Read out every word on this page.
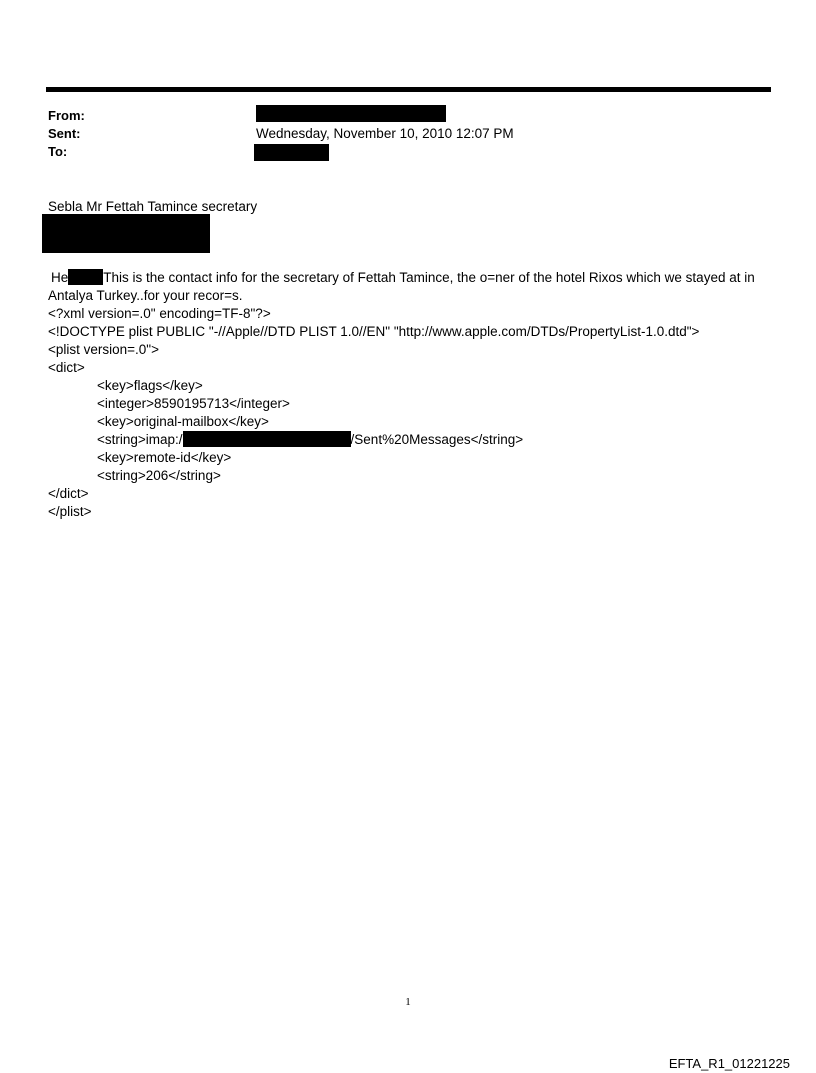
From:
Sent:	Wednesday, November 10, 2010 12:07 PM
To:
Sebla Mr Fettah Tamince secretary
He	This is the contact info for the secretary of Fettah Tamince, the o=ner of the hotel Rixos which we stayed at in
Antalya Turkey..for your recor=s.
<?xml version=.0" encoding=TF-8"?>
<!DOCTYPE plist PUBLIC "-//Apple//DTD PLIST 1.0//EN" "http://www.apple.com/DTDs/PropertyList-1.0.dtd">
<plist version=.0">
<dict>
<key>flags</key>
<integer>8590195713</integer>
<key>original-mailbox</key>
<string>imap:/	/Sent%20Messages</string>
<key>remote-id</key>
<string>206</string>
</dict>
</plist>
1
EFTA_R1_01221225
